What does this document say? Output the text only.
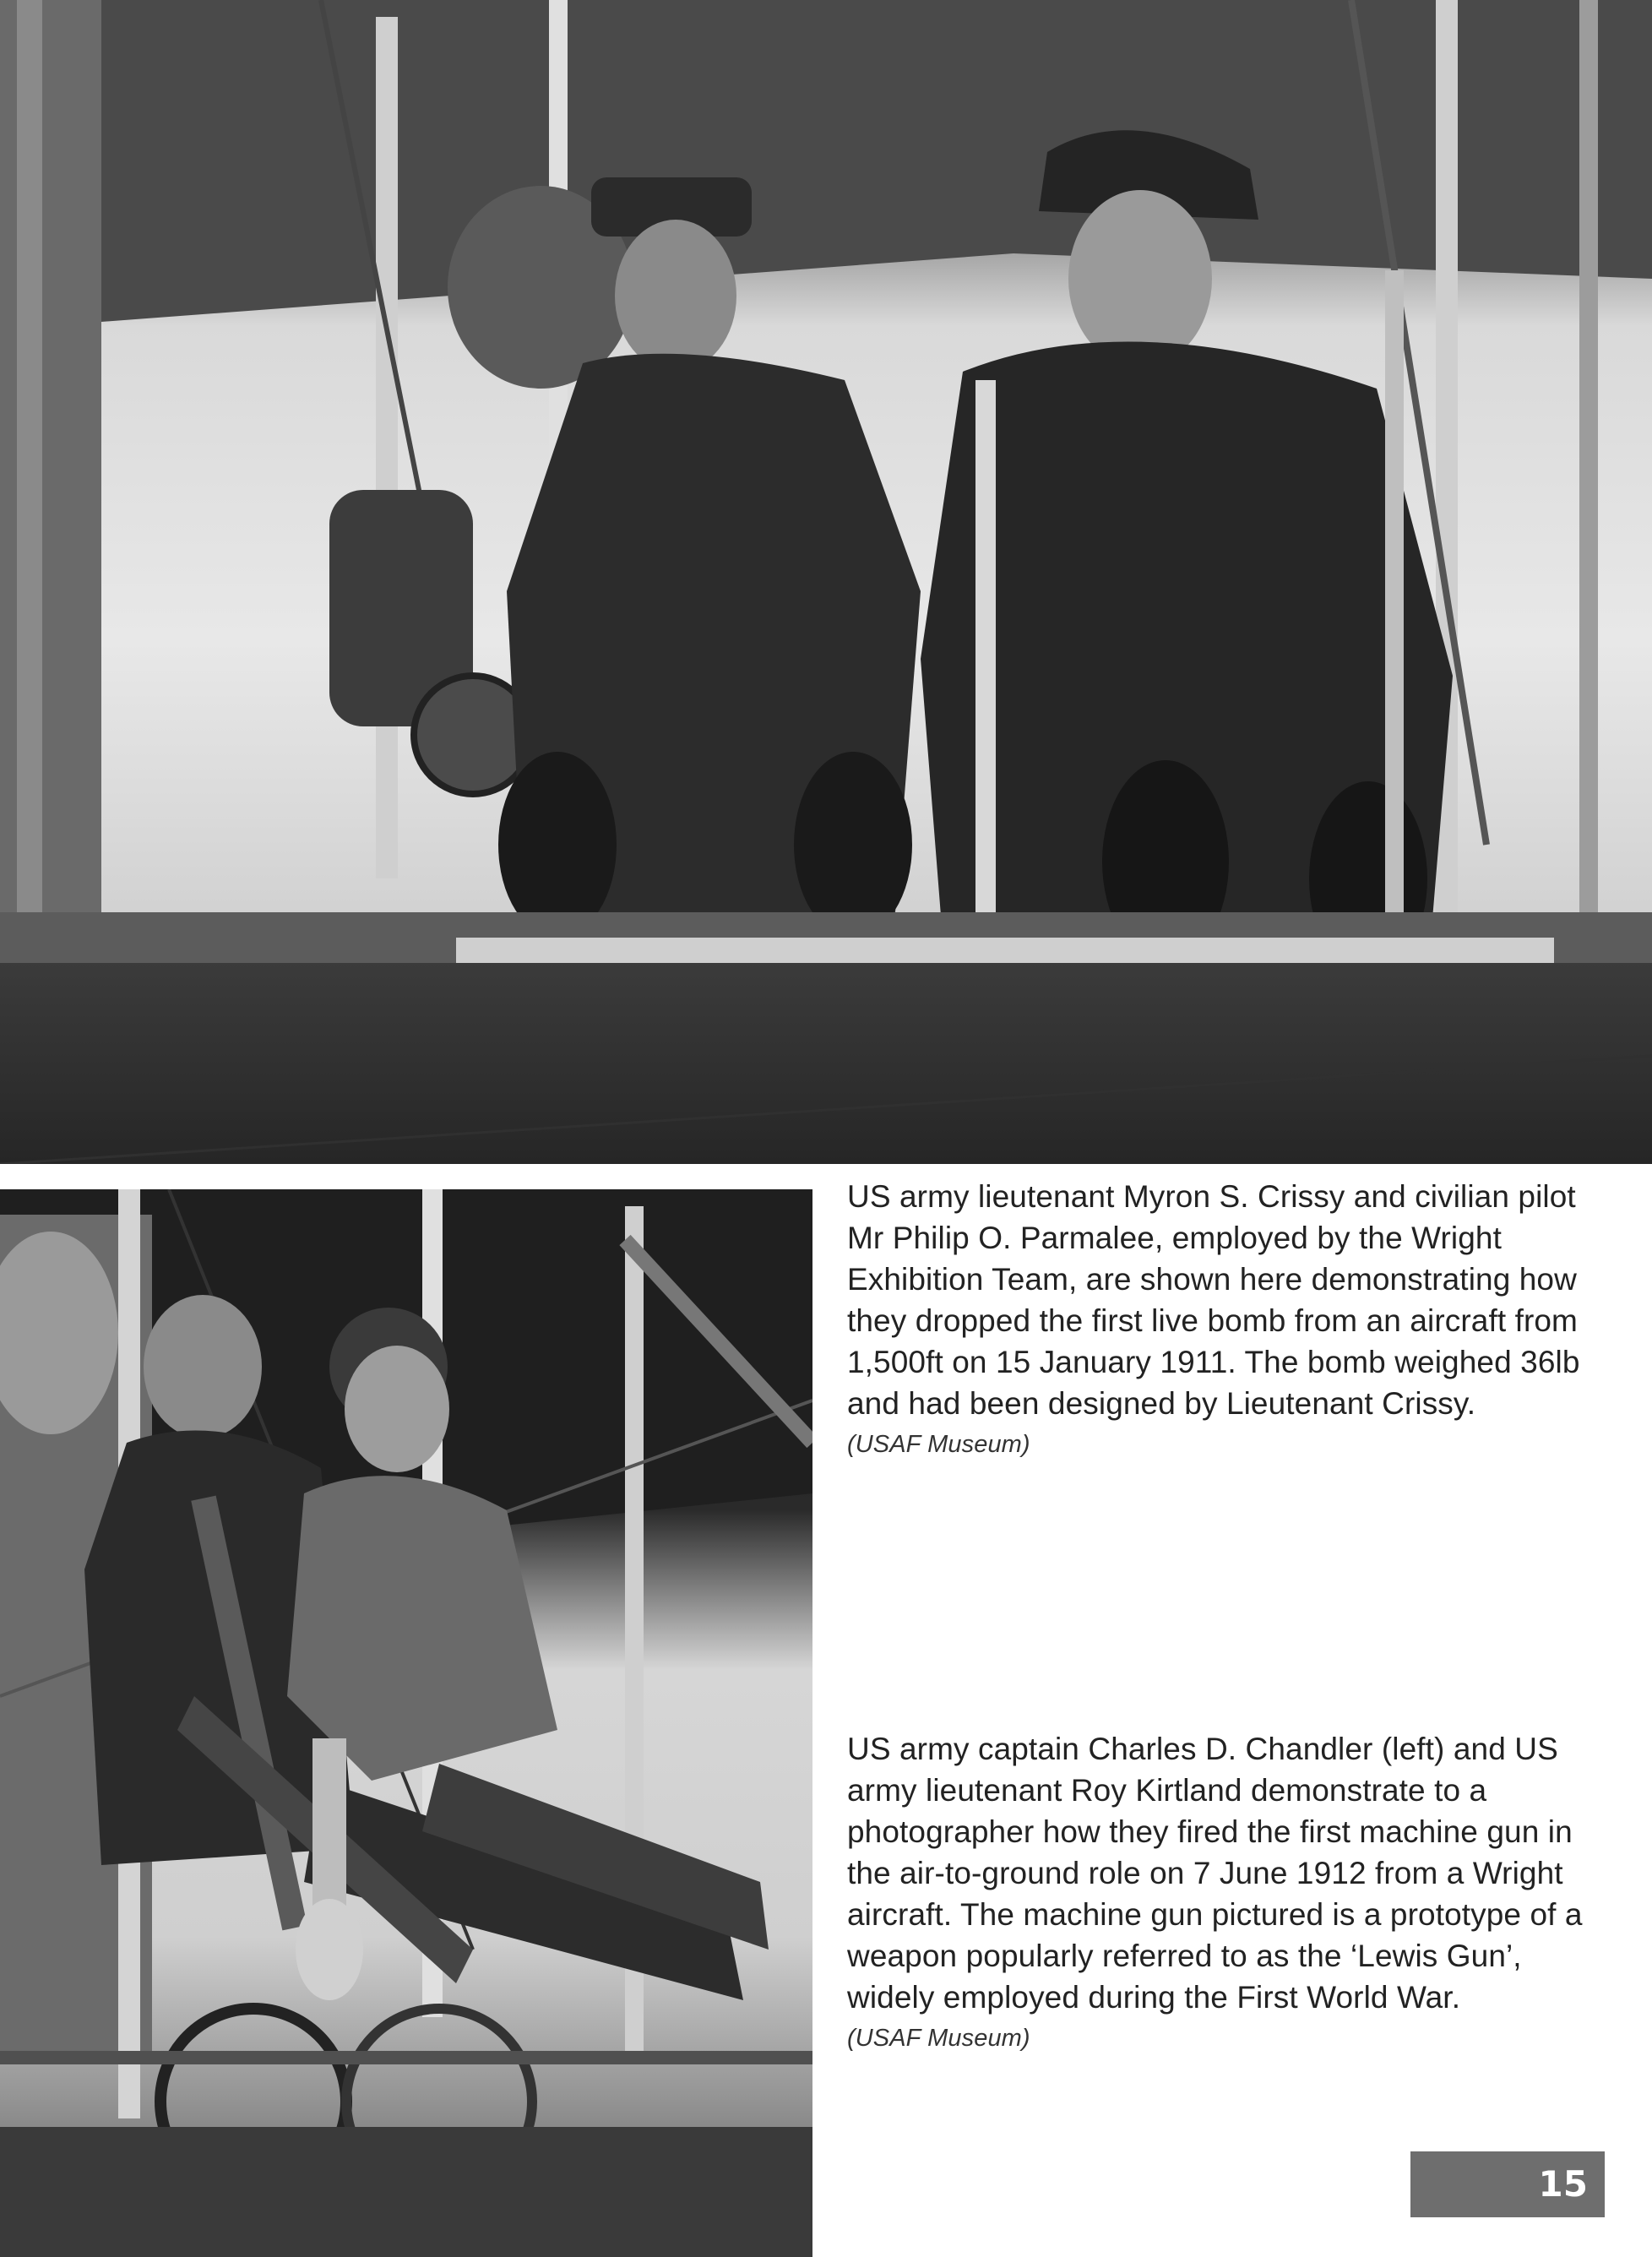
US army lieutenant Myron S. Crissy and civilian pilot Mr Philip O. Parmalee, employed by the Wright Exhibition Team, are shown here demonstrating how they dropped the first live bomb from an aircraft from 1,500ft on 15 January 1911. The bomb weighed 36lb and had been designed by Lieutenant Crissy.

(USAF Museum)

US army captain Charles D. Chandler (left) and US army lieutenant Roy Kirtland demonstrate to a photographer how they fired the first machine gun in the air-to-ground role on 7 June 1912 from a Wright aircraft. The machine gun pictured is a prototype of a weapon popularly referred to as the ‘Lewis Gun’, widely employed during the First World War.

(USAF Museum)

15
